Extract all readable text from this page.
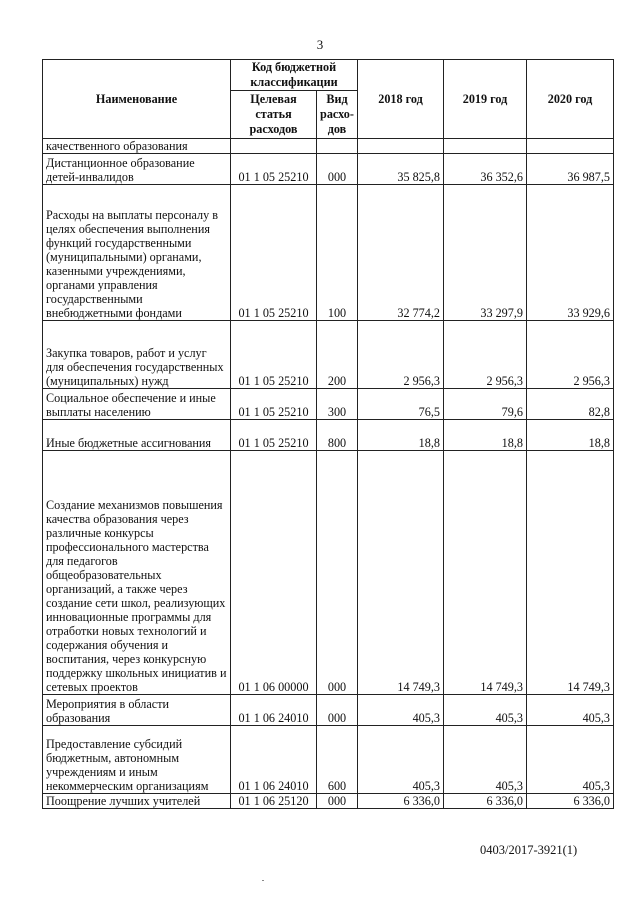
3
Наименование	Код бюджетной классификации		2018 год	2019 год	2020 год
	Целевая статья расходов	Вид расхо-дов			
качественного образования					
Дистанционное образование детей-инвалидов	01 1 05 25210	000	35 825,8	36 352,6	36 987,5
Расходы на выплаты персоналу в целях обеспечения выполнения функций государственными (муниципальными) органами, казенными учреждениями, органами управления государственными внебюджетными фондами	01 1 05 25210	100	32 774,2	33 297,9	33 929,6
Закупка товаров, работ и услуг для обеспечения государственных (муниципальных) нужд	01 1 05 25210	200	2 956,3	2 956,3	2 956,3
Социальное обеспечение и иные выплаты населению	01 1 05 25210	300	76,5	79,6	82,8
Иные бюджетные ассигнования	01 1 05 25210	800	18,8	18,8	18,8
Создание механизмов повышения качества образования через различные конкурсы профессионального мастерства для педагогов общеобразовательных организаций, а также через создание сети школ, реализующих инновационные программы для отработки новых технологий и содержания обучения и воспитания, через конкурсную поддержку школьных инициатив и сетевых проектов	01 1 06 00000	000	14 749,3	14 749,3	14 749,3
Мероприятия в области образования	01 1 06 24010	000	405,3	405,3	405,3
Предоставление субсидий бюджетным, автономным учреждениям и иным некоммерческим организациям	01 1 06 24010	600	405,3	405,3	405,3
Поощрение лучших учителей	01 1 06 25120	000	6 336,0	6 336,0	6 336,0
0403/2017-3921(1)
